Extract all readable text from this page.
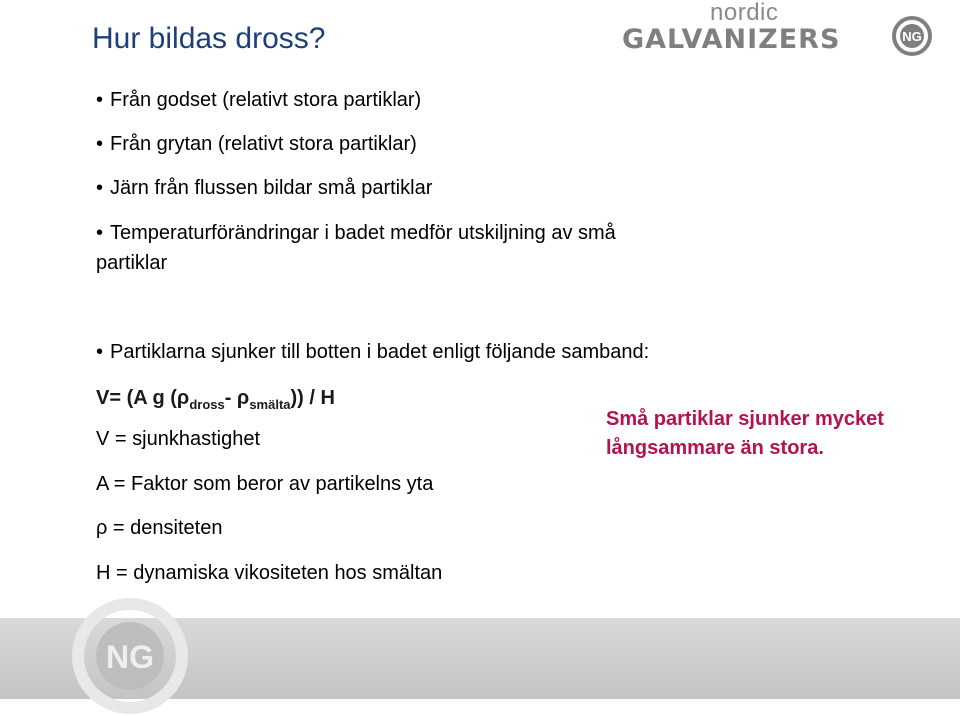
Hur bildas dross?
nordic
GALVANIZERS	NG
• Från godset (relativt stora partiklar)
• Från grytan (relativt stora partiklar)
• Järn från flussen bildar små partiklar
• Temperaturförändringar i badet medför utskiljning av små
partiklar
• Partiklarna sjunker till botten i badet enligt följande samband:
V= (A g ($\rho_{dross}-$ $\rho_{smälta}$)) / H
V = sjunkhastighet
A = Faktor som beror av partikelns yta
ρ = densiteten
H = dynamiska vikositeten hos smältan
Små partiklar sjunker mycket långsammare än stora.
NG
